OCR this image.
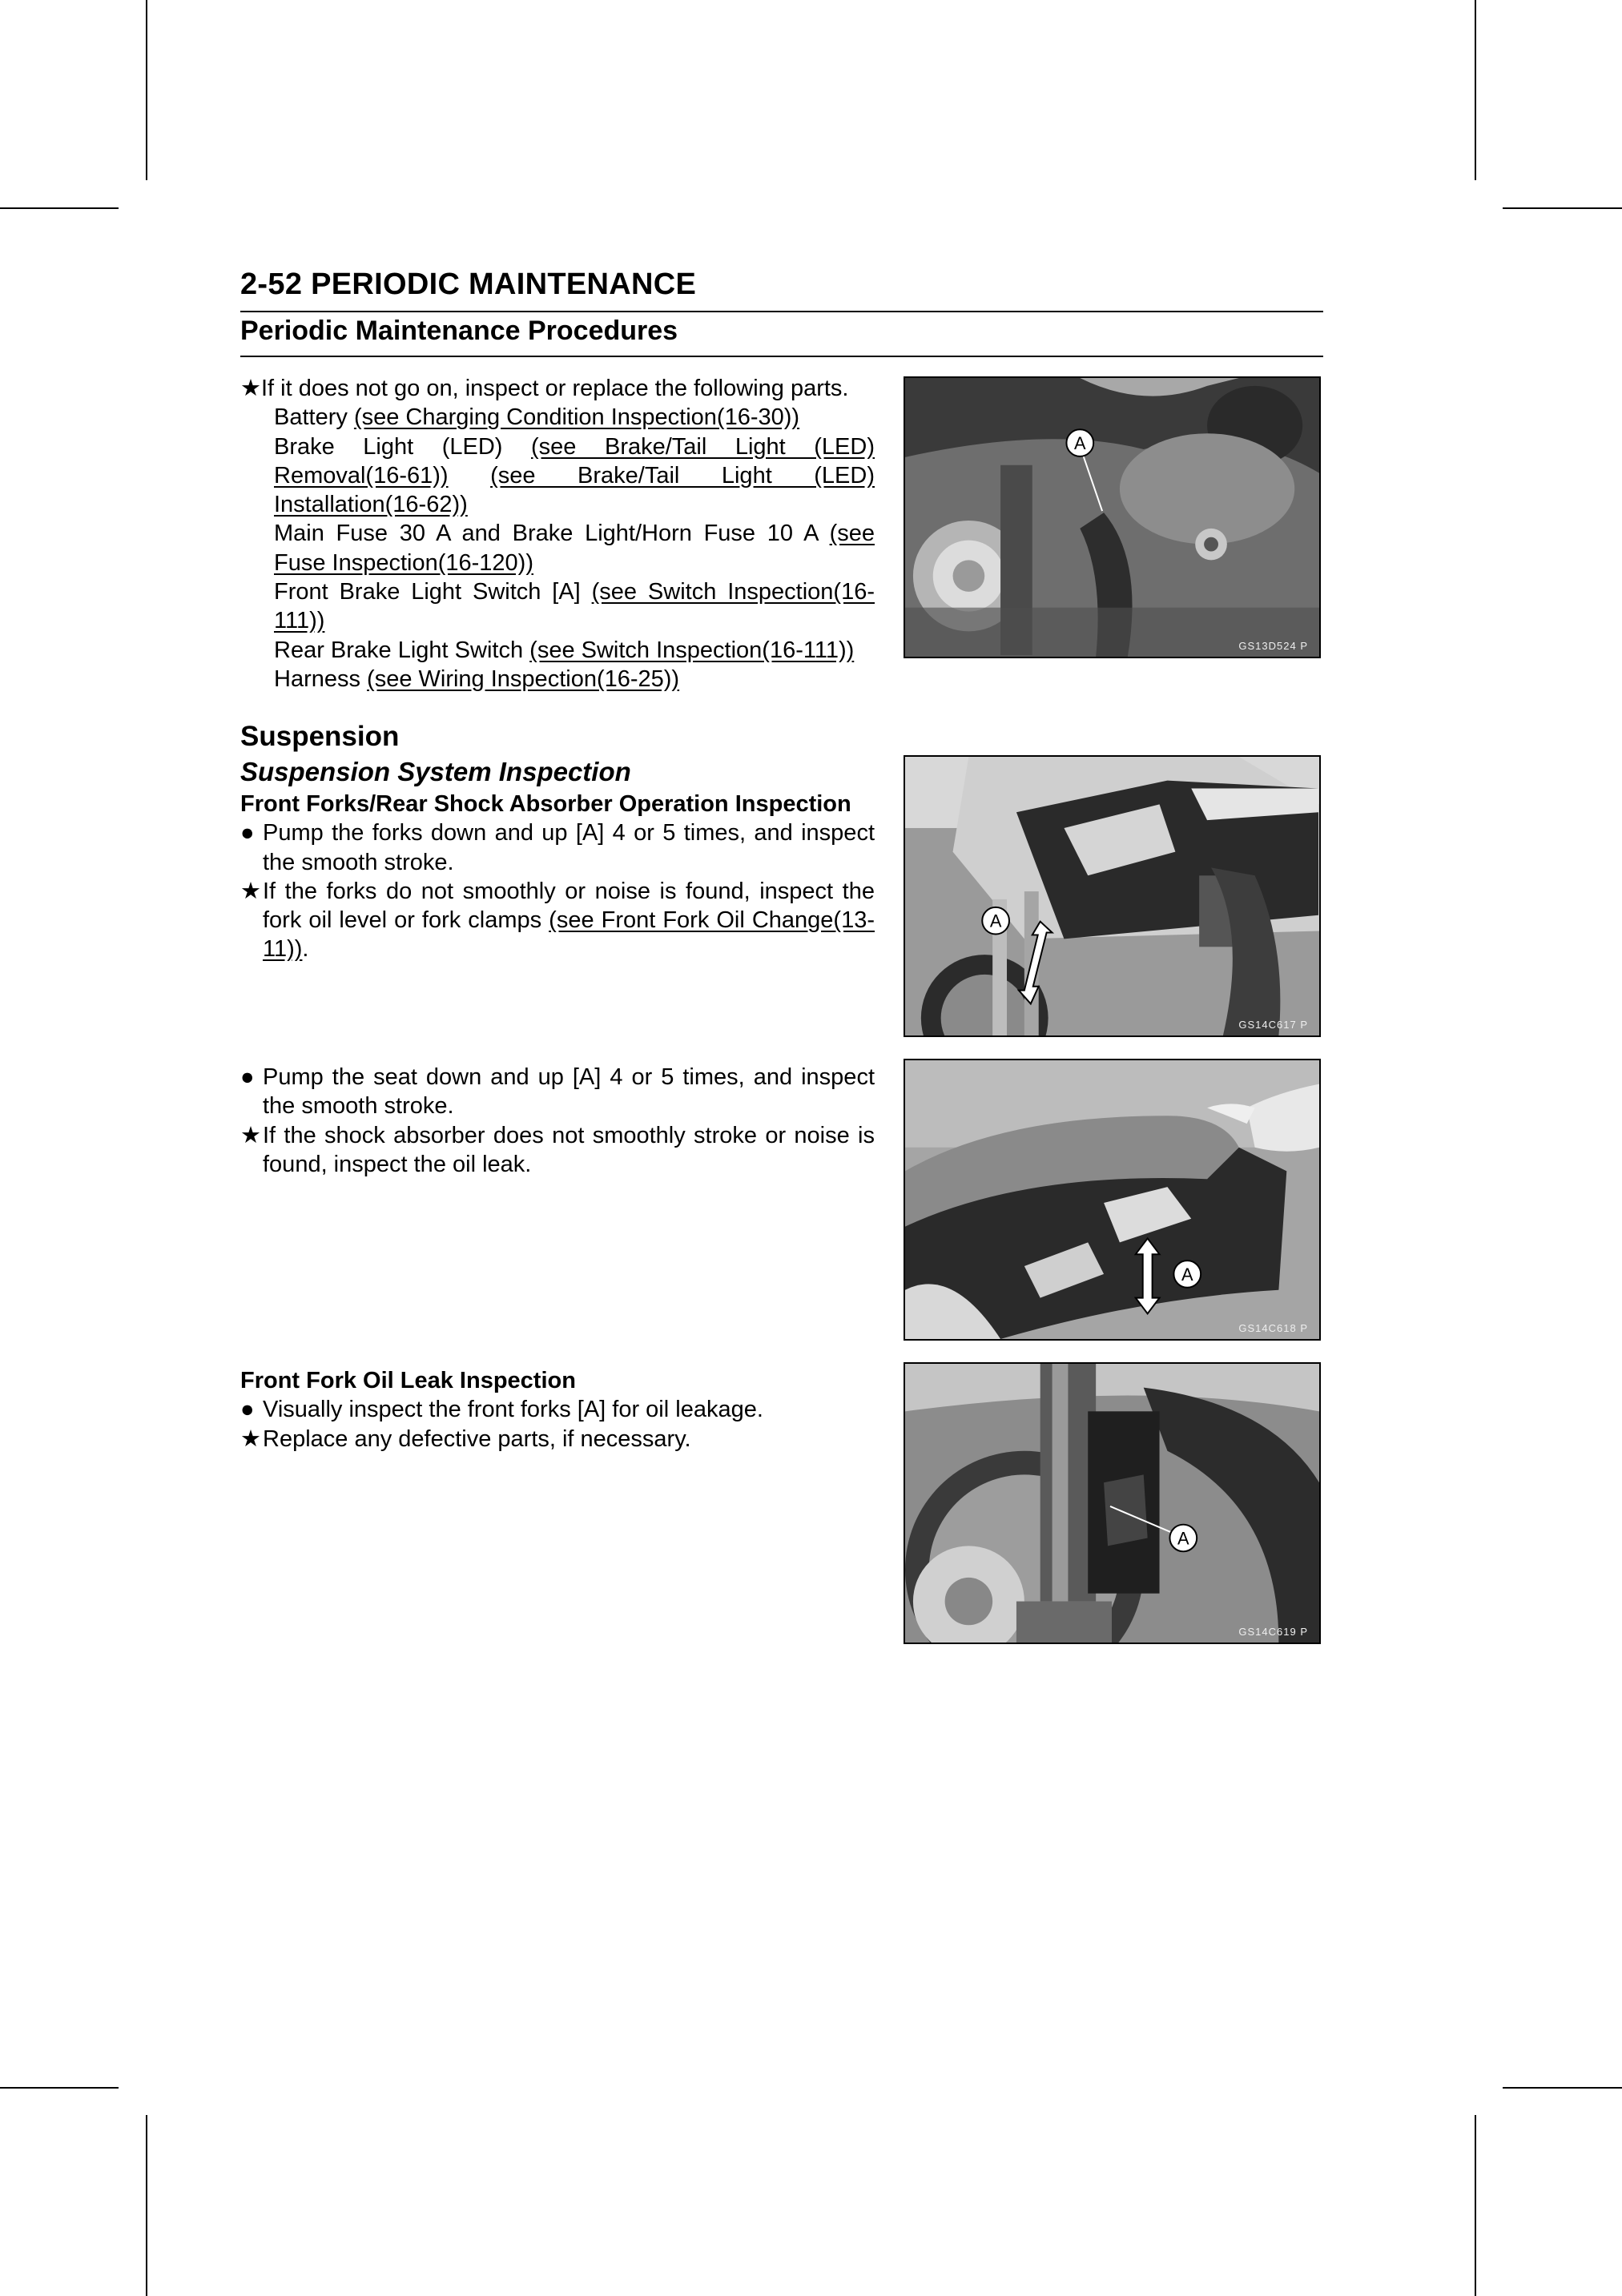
2-52 PERIODIC MAINTENANCE
Periodic Maintenance Procedures
★ If it does not go on, inspect or replace the following parts.
Battery (see Charging Condition Inspection(16-30))
Brake Light (LED) (see Brake/Tail Light (LED) Removal(16-61)) (see Brake/Tail Light (LED) Installation(16-62))
Main Fuse 30 A and Brake Light/Horn Fuse 10 A (see Fuse Inspection(16-120))
Front Brake Light Switch [A] (see Switch Inspection(16-111))
Rear Brake Light Switch (see Switch Inspection(16-111))
Harness (see Wiring Inspection(16-25))
Suspension
Suspension System Inspection
Front Forks/Rear Shock Absorber Operation Inspection
● Pump the forks down and up [A] 4 or 5 times, and inspect the smooth stroke.
★ If the forks do not smoothly or noise is found, inspect the fork oil level or fork clamps (see Front Fork Oil Change(13-11)).
● Pump the seat down and up [A] 4 or 5 times, and inspect the smooth stroke.
★ If the shock absorber does not smoothly stroke or noise is found, inspect the oil leak.
Front Fork Oil Leak Inspection
● Visually inspect the front forks [A] for oil leakage.
★ Replace any defective parts, if necessary.
A
GS13D524 P
A
GS14C617 P
A
GS14C618 P
A
GS14C619 P
